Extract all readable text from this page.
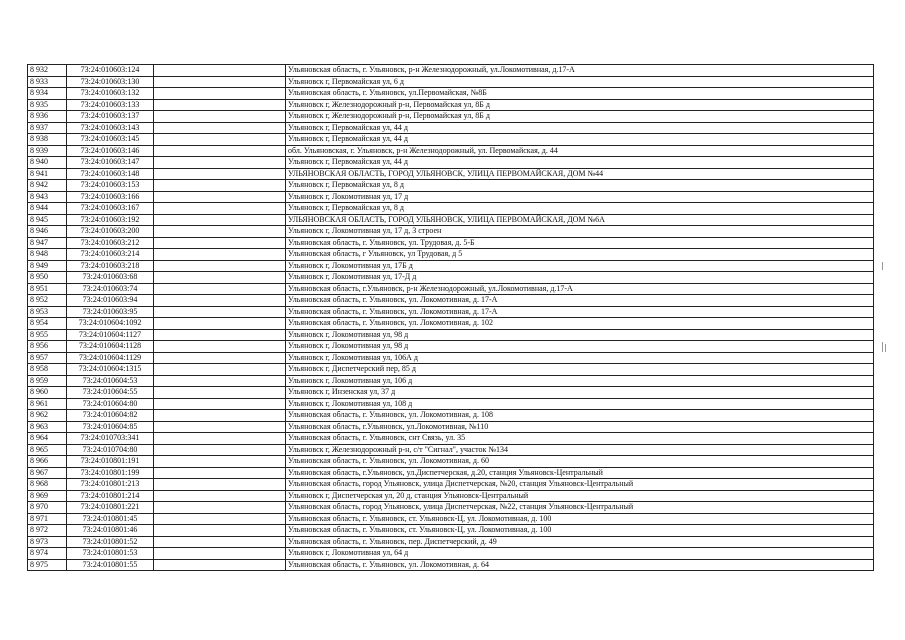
8 932	73:24:010603:124		Ульяновская область, г. Ульяновск, р-н Железнодорожный, ул.Локомотивная, д.17-А
8 933	73:24:010603:130		Ульяновск г, Первомайская ул, 6 д
8 934	73:24:010603:132		Ульяновская область, г. Ульяновск, ул.Первомайская, №8Б
8 935	73:24:010603:133		Ульяновск г, Железнодорожный р-н, Первомайская ул, 8Б д
8 936	73:24:010603:137		Ульяновск г, Железнодорожный р-н, Первомайская ул, 8Б д
8 937	73:24:010603:143		Ульяновск г, Первомайская ул, 44 д
8 938	73:24:010603:145		Ульяновск г, Первомайская ул, 44 д
8 939	73:24:010603:146		обл. Ульяновская, г. Ульяновск, р-н Железнодорожный, ул. Первомайская, д. 44
8 940	73:24:010603:147		Ульяновск г, Первомайская ул, 44 д
8 941	73:24:010603:148		УЛЬЯНОВСКАЯ ОБЛАСТЬ, ГОРОД УЛЬЯНОВСК, УЛИЦА ПЕРВОМАЙСКАЯ, ДОМ №44
8 942	73:24:010603:153		Ульяновск г, Первомайская ул, 8 д
8 943	73:24:010603:166		Ульяновск г, Локомотивная ул, 17 д
8 944	73:24:010603:167		Ульяновск г, Первомайская ул, 8 д
8 945	73:24:010603:192		УЛЬЯНОВСКАЯ ОБЛАСТЬ, ГОРОД УЛЬЯНОВСК, УЛИЦА ПЕРВОМАЙСКАЯ, ДОМ №6А
8 946	73:24:010603:200		Ульяновск г, Локомотивная ул, 17 д, 3 строен
8 947	73:24:010603:212		Ульяновская область, г. Ульяновск, ул. Трудовая, д. 5-Б
8 948	73:24:010603:214		Ульяновская область, г Ульяновск, ул Трудовая, д 5
8 949	73:24:010603:218		Ульяновск г, Локомотивная ул, 17Б д
8 950	73:24:010603:68		Ульяновск г, Локомотивная ул, 17-Д д
8 951	73:24:010603:74		Ульяновская область, г.Ульяновск, р-н Железнодорожный, ул.Локомотивная, д.17-А
8 952	73:24:010603:94		Ульяновская область, г. Ульяновск, ул. Локомотивная, д. 17-А
8 953	73:24:010603:95		Ульяновская область, г. Ульяновск, ул. Локомотивная, д. 17-А
8 954	73:24:010604:1092		Ульяновская область, г. Ульяновск, ул. Локомотивная, д. 102
8 955	73:24:010604:1127		Ульяновск г, Локомотивная ул, 98 д
8 956	73:24:010604:1128		Ульяновск г, Локомотивная ул, 98 д
8 957	73:24:010604:1129		Ульяновск г, Локомотивная ул, 106А д
8 958	73:24:010604:1315		Ульяновск г, Диспетчерский пер, 85 д
8 959	73:24:010604:53		Ульяновск г, Локомотивная ул, 106 д
8 960	73:24:010604:55		Ульяновск г, Инзенская ул, 37 д
8 961	73:24:010604:80		Ульяновск г, Локомотивная ул, 108 д
8 962	73:24:010604:82		Ульяновская область, г. Ульяновск, ул. Локомотивная, д. 108
8 963	73:24:010604:85		Ульяновская область, г.Ульяновск, ул.Локомотивная, №110
8 964	73:24:010703:341		Ульяновская область, г. Ульяновск, снт Связь, ул. 35
8 965	73:24:010704:80		Ульяновск г, Железнодорожный р-н, с/т "Сигнал", участок №134
8 966	73:24:010801:191		Ульяновская область, г. Ульяновск, ул. Локомотивная, д. 60
8 967	73:24:010801:199		Ульяновская область, г.Ульяновск, ул.Диспетчерская, д.20, станция Ульяновск-Центральный
8 968	73:24:010801:213		Ульяновская область, город Ульяновск, улица Диспетчерская, №20, станция Ульяновск-Центральный
8 969	73:24:010801:214		Ульяновск г, Диспетчерская ул, 20 д, станция Ульяновск-Центральный
8 970	73:24:010801:221		Ульяновская область, город Ульяновск, улица Диспетчерская, №22, станция Ульяновск-Центральный
8 971	73:24:010801:45		Ульяновская область, г. Ульяновск, ст. Ульяновск-Ц, ул. Локомотивная, д. 100
8 972	73:24:010801:46		Ульяновская область, г. Ульяновск, ст. Ульяновск-Ц, ул. Локомотивная, д. 100
8 973	73:24:010801:52		Ульяновская область, г. Ульяновск, пер. Диспетчерский, д. 49
8 974	73:24:010801:53		Ульяновск г, Локомотивная ул, 64 д
8 975	73:24:010801:55		Ульяновская область, г. Ульяновск, ул. Локомотивная, д. 64
